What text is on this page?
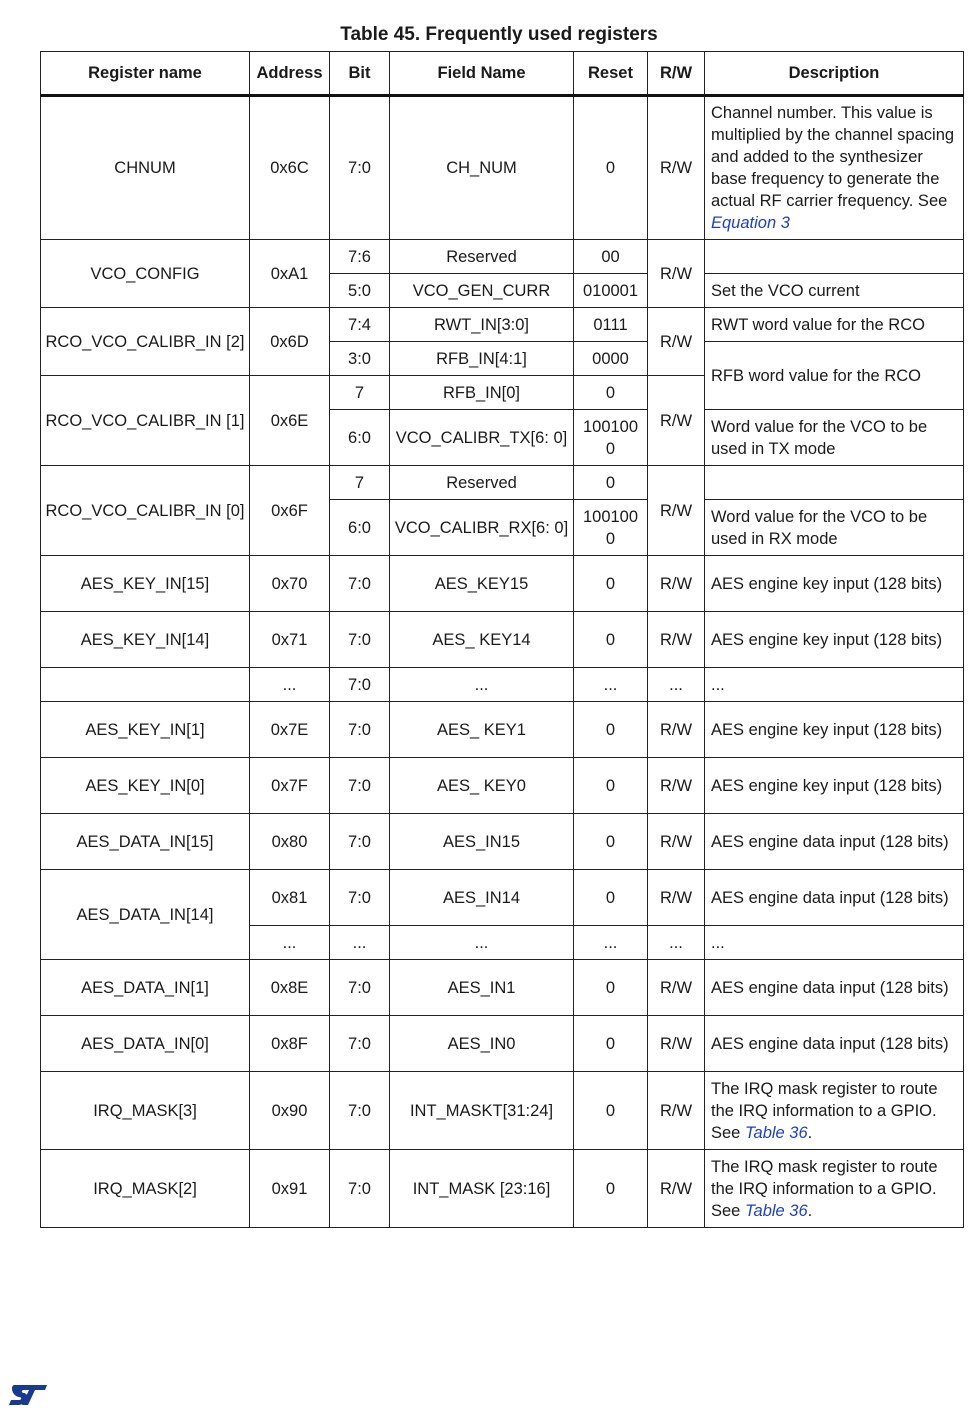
Table 45. Frequently used registers
Register name	Address	Bit	Field Name	Reset	R/W	Description
CHNUM	0x6C	7:0	CH_NUM	0	R/W	Channel number. This value is multiplied by the channel spacing and added to the synthesizer base frequency to generate the actual RF carrier frequency. See Equation 3
VCO_CONFIG	0xA1	7:6	Reserved	00	R/W	
		5:0	VCO_GEN_CURR	010001		Set the VCO current
RCO_VCO_CALIBR_IN [2]	0x6D	7:4	RWT_IN[3:0]	0111	R/W	RWT word value for the RCO
		3:0	RFB_IN[4:1]	0000		RFB word value for the RCO
RCO_VCO_CALIBR_IN [1]	0x6E	7	RFB_IN[0]	0	R/W	
		6:0	VCO_CALIBR_TX[6: 0]	100100 0		Word value for the VCO to be used in TX mode
RCO_VCO_CALIBR_IN [0]	0x6F	7	Reserved	0	R/W	
		6:0	VCO_CALIBR_RX[6: 0]	100100 0		Word value for the VCO to be used in RX mode
AES_KEY_IN[15]	0x70	7:0	AES_KEY15	0	R/W	AES engine key input (128 bits)
AES_KEY_IN[14]	0x71	7:0	AES_ KEY14	0	R/W	AES engine key input (128 bits)
	...	7:0	...	...	...	...
AES_KEY_IN[1]	0x7E	7:0	AES_ KEY1	0	R/W	AES engine key input (128 bits)
AES_KEY_IN[0]	0x7F	7:0	AES_ KEY0	0	R/W	AES engine key input (128 bits)
AES_DATA_IN[15]	0x80	7:0	AES_IN15	0	R/W	AES engine data input (128 bits)
AES_DATA_IN[14]	0x81	7:0	AES_IN14	0	R/W	AES engine data input (128 bits)
	...	...	...	...	...	...
AES_DATA_IN[1]	0x8E	7:0	AES_IN1	0	R/W	AES engine data input (128 bits)
AES_DATA_IN[0]	0x8F	7:0	AES_IN0	0	R/W	AES engine data input (128 bits)
IRQ_MASK[3]	0x90	7:0	INT_MASKT[31:24]	0	R/W	The IRQ mask register to route the IRQ information to a GPIO. See Table 36.
IRQ_MASK[2]	0x91	7:0	INT_MASK [23:16]	0	R/W	The IRQ mask register to route the IRQ information to a GPIO. See Table 36.
